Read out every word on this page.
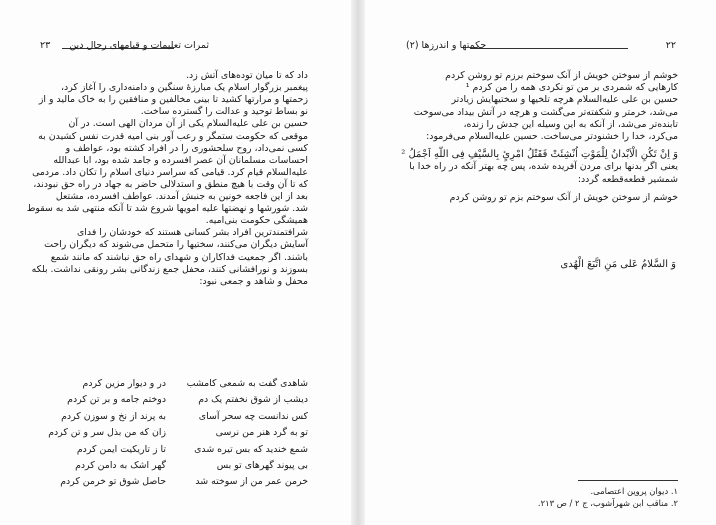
۲۳ ثمرات تعلیمات و قیامهای رجال دین
داد که تا میان توده‌های آتش زد.
پیغمبر بزرگوار اسلام یک مبارزهٔ سنگین و دامنه‌داری را آغاز کرد،
زحمتها و مرارتها کشید تا بینی مخالفین و منافقین را به خاک مالید و از
نو بساط توحید و عدالت را گسترده ساخت.
حسین بن علی علیه‌السلام یکی از آن مردان الهی است. در آن
موقعی که حکومت ستمگر و رعب آور بنی امیه قدرت نفس کشیدن به
کسی نمی‌داد، روح سلحشوری را در افراد کشته بود، عواطف و
احساسات مسلمانان آن عصر افسرده و جامد شده بود، ابا عبدالله
علیه‌السلام قیام کرد. قیامی که سراسر دنیای اسلام را تکان داد. مردمی
که تا آن وقت با هیچ منطق و استدلالی حاضر به جهاد در راه حق نبودند،
بعد از این فاجعه خونین به جنبش آمدند. عواطف افسرده، مشتعل
شد. شورشها و نهضتها علیه امویها شروع شد تا آنکه منتهی شد به سقوط
همیشگی حکومت بنی‌امیه.
شرافتمندترین افراد بشر کسانی هستند که خودشان را فدای
آسایش دیگران می‌کنند، سختیها را متحمل می‌شوند که دیگران راحت
باشند. اگر جمعیت فداکاران و شهدای راه حق نباشند که مانند شمع
بسوزند و نورافشانی کنند، محفل جمع زندگانی بشر رونقی نداشت. بلکه
محفل و شاهد و جمعی نبود:
شاهدی گفت به شمعی کامشب
در و دیوار مزین کردم
دیشب از شوق نخفتم یک دم
دوختم جامه و بر تن کردم
کس ندانست چه سحر آسای
به پرند از نخ و سوزن کردم
تو به گرد هنر من نرسی
زان که من بذل سر و تن کردم
شمع خندید که بس تیره شدی
تا ز تاریکیت ایمن کردم
بی پیوند گهرهای تو بس
گهر اشک به دامن کردم
خرمن عمر من از سوخته شد
حاصل شوق تو خرمن کردم
۲۲
حکمتها و اندرزها (۲)
خوشم از سوختن خویش از آنک سوختم برزم تو روشن کردم
کارهایی که شمردی بر من تو نکردی همه را من کردم ¹
حسین بن علی علیه‌السلام هرچه تلخیها و سختیهایش زیادتر
می‌شد، خرمتر و شکفته‌تر می‌گشت و هرچه در آتش بیداد می‌سوخت
تابنده‌تر می‌شد، از آنکه به این وسیله این جدش را زنده‌،
می‌کرد، خدا را خشنودتر می‌ساخت. حسین علیه‌السلام می‌فرمود:
وَ اِنْ تَکُنِ الْاَبْدانُ لِلْمَوْتِ اُنْشِئَتْ فَقَتْلُ امْرِئٍ بِالسَّیْفِ فِی اللّهِ اَجْمَلُ ²
یعنی اگر بدنها برای مردن آفریده شده، پس چه بهتر آنکه در راه خدا با
شمشیر قطعه‌قطعه گردد:
خوشم از سوختن خویش از آنک سوختم بزم تو روشن کردم
وَ السَّلامُ عَلی مَنِ اتَّبَعَ الْهُدی
۱. دیوان پروین اعتصامی.
۲. مناقب ابن شهرآشوب، ج ۲ / ص ۲۱۳.
